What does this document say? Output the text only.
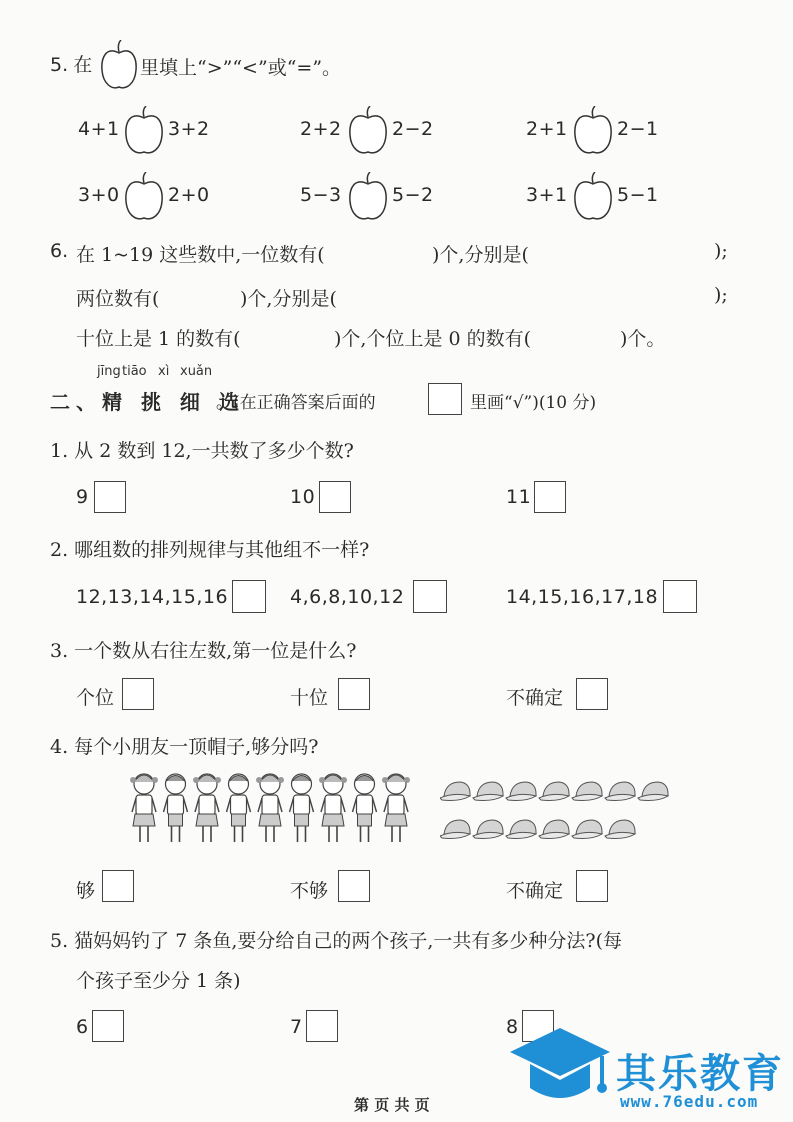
5. 在	里填上“>”“<”或“=”。
4+1	3+2	2+2	2−2	2+1	2−1
3+0	2+0	5−3	5−2	3+1	5−1
6. 在 1~19 这些数中,一位数有(	)个,分别是(	);
两位数有(	)个,分别是(	);
十位上是 1 的数有(	)个,个位上是 0 的数有(	)个。
jīng tiāo xì xuǎn
二、精 挑 细 选
。(在正确答案后面的	里画“√”)(10 分)
1. 从 2 数到 12,一共数了多少个数?
9	10	11
2. 哪组数的排列规律与其他组不一样?
12,13,14,15,16	4,6,8,10,12	14,15,16,17,18
3. 一个数从右往左数,第一位是什么?
个位	十位	不确定
4. 每个小朋友一顶帽子,够分吗?
够	不够	不确定
5. 猫妈妈钓了 7 条鱼,要分给自己的两个孩子,一共有多少种分法?(每
个孩子至少分 1 条)
6	7	8
其乐教育
www.76edu.com
第 页 共 页
